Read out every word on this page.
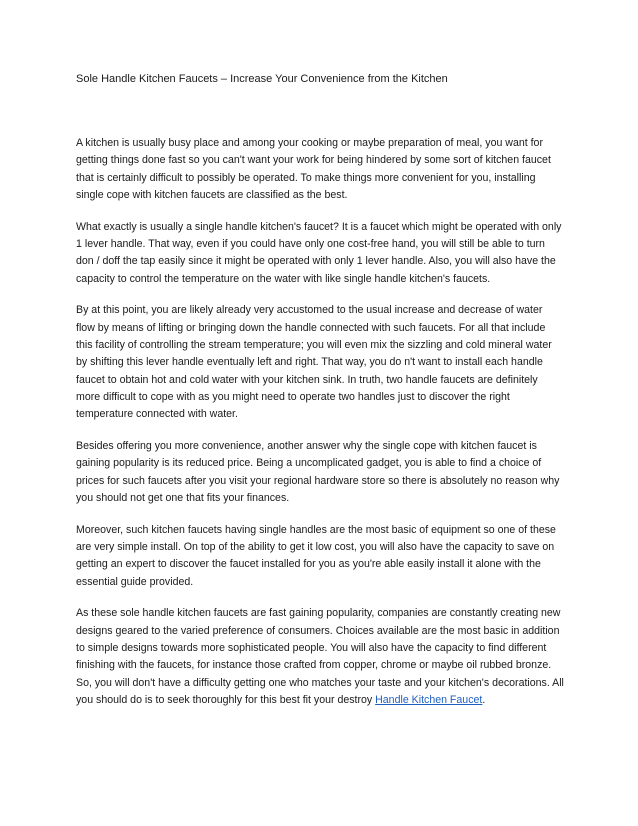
Sole Handle Kitchen Faucets – Increase Your Convenience from the Kitchen

A kitchen is usually busy place and among your cooking or maybe preparation of meal, you want for getting things done fast so you can't want your work for being hindered by some sort of kitchen faucet that is certainly difficult to possibly be operated. To make things more convenient for you, installing single cope with kitchen faucets are classified as the best.

What exactly is usually a single handle kitchen's faucet? It is a faucet which might be operated with only 1 lever handle. That way, even if you could have only one cost-free hand, you will still be able to turn don / doff the tap easily since it might be operated with only 1 lever handle. Also, you will also have the capacity to control the temperature on the water with like single handle kitchen's faucets.

By at this point, you are likely already very accustomed to the usual increase and decrease of water flow by means of lifting or bringing down the handle connected with such faucets. For all that include this facility of controlling the stream temperature; you will even mix the sizzling and cold mineral water by shifting this lever handle eventually left and right. That way, you do n't want to install each handle faucet to obtain hot and cold water with your kitchen sink. In truth, two handle faucets are definitely more difficult to cope with as you might need to operate two handles just to discover the right temperature connected with water.

Besides offering you more convenience, another answer why the single cope with kitchen faucet is gaining popularity is its reduced price. Being a uncomplicated gadget, you is able to find a choice of prices for such faucets after you visit your regional hardware store so there is absolutely no reason why you should not get one that fits your finances.

Moreover, such kitchen faucets having single handles are the most basic of equipment so one of these are very simple install. On top of the ability to get it low cost, you will also have the capacity to save on getting an expert to discover the faucet installed for you as you're able easily install it alone with the essential guide provided.

As these sole handle kitchen faucets are fast gaining popularity, companies are constantly creating new designs geared to the varied preference of consumers. Choices available are the most basic in addition to simple designs towards more sophisticated people. You will also have the capacity to find different finishing with the faucets, for instance those crafted from copper, chrome or maybe oil rubbed bronze. So, you will don't have a difficulty getting one who matches your taste and your kitchen's decorations. All you should do is to seek thoroughly for this best fit your destroy Handle Kitchen Faucet.
